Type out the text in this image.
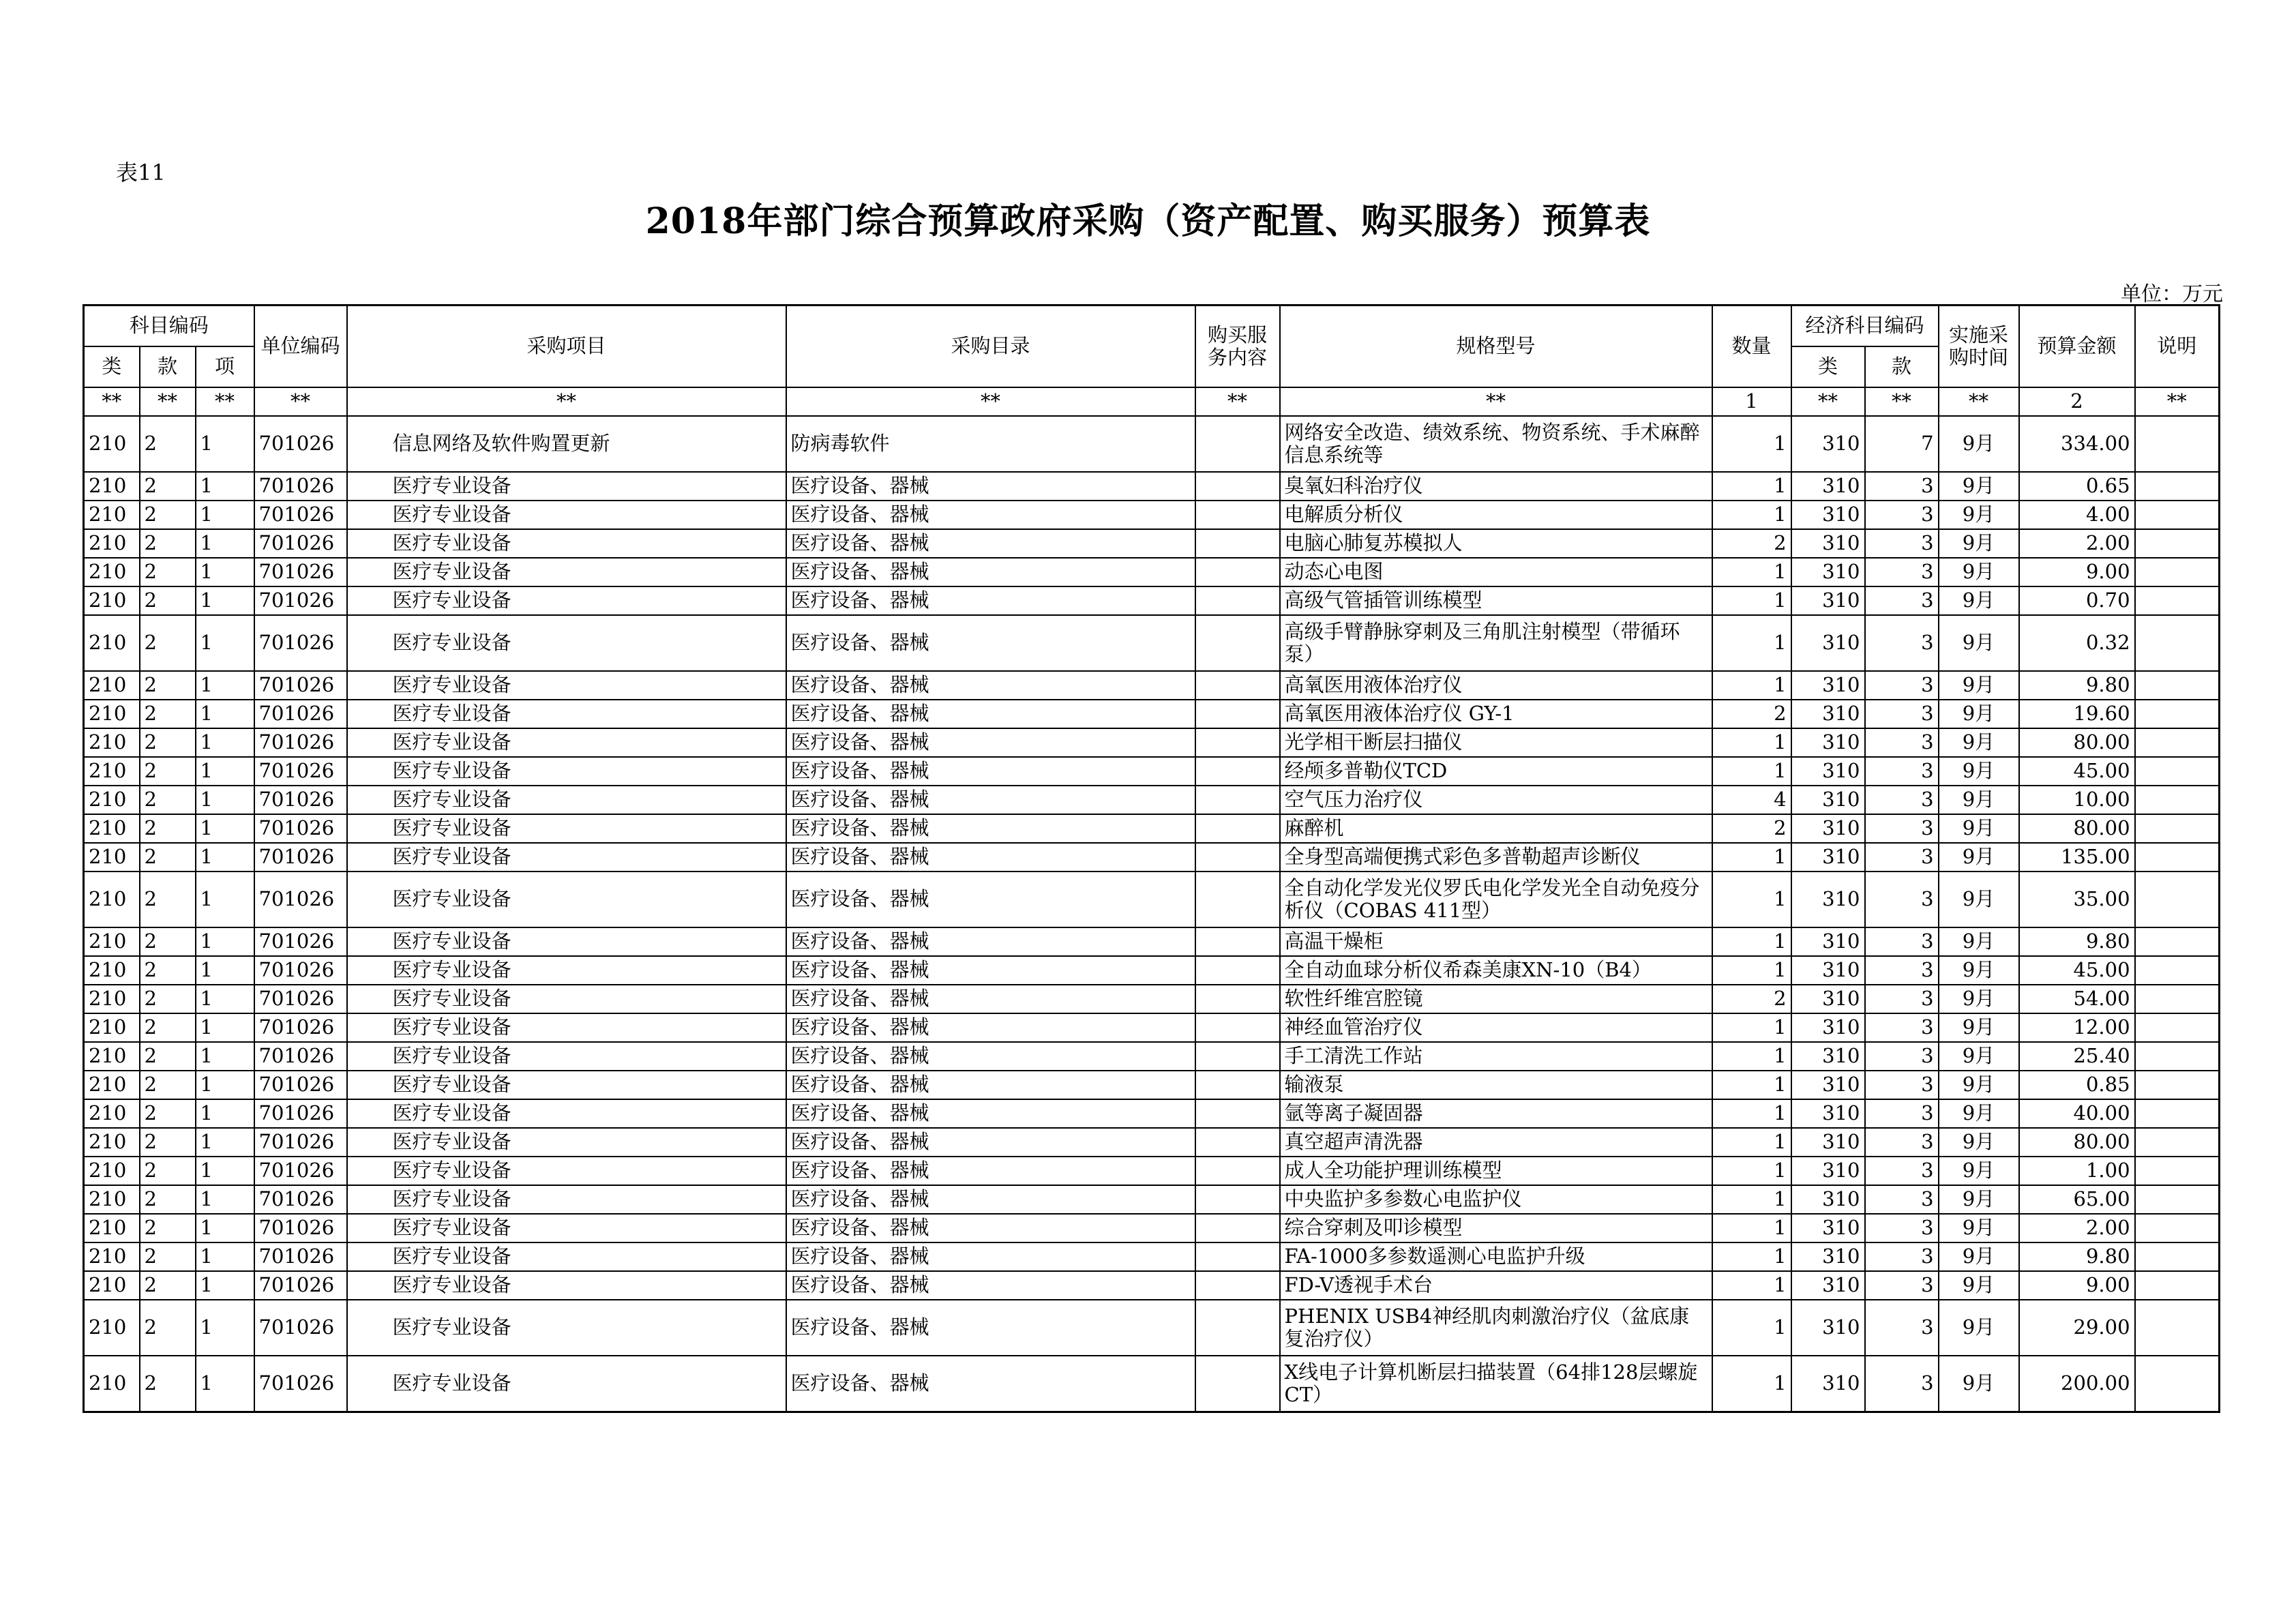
表11
2018年部门综合预算政府采购（资产配置、购买服务）预算表
单位：万元
科目编码			单位编码	采购项目	采购目录	购买服务内容	规格型号	数量	经济科目编码		实施采购时间	预算金额	说明
类	款	项							类	款			
**	**	**	**	**	**	**	**	1	**	**	**	2	**
210	2	1	701026	信息网络及软件购置更新	防病毒软件		网络安全改造、绩效系统、物资系统、手术麻醉信息系统等	1	310	7	9月	334.00	
210	2	1	701026	医疗专业设备	医疗设备、器械		臭氧妇科治疗仪	1	310	3	9月	0.65	
210	2	1	701026	医疗专业设备	医疗设备、器械		电解质分析仪	1	310	3	9月	4.00	
210	2	1	701026	医疗专业设备	医疗设备、器械		电脑心肺复苏模拟人	2	310	3	9月	2.00	
210	2	1	701026	医疗专业设备	医疗设备、器械		动态心电图	1	310	3	9月	9.00	
210	2	1	701026	医疗专业设备	医疗设备、器械		高级气管插管训练模型	1	310	3	9月	0.70	
210	2	1	701026	医疗专业设备	医疗设备、器械		高级手臂静脉穿刺及三角肌注射模型（带循环泵）	1	310	3	9月	0.32	
210	2	1	701026	医疗专业设备	医疗设备、器械		高氧医用液体治疗仪	1	310	3	9月	9.80	
210	2	1	701026	医疗专业设备	医疗设备、器械		高氧医用液体治疗仪 GY-1	2	310	3	9月	19.60	
210	2	1	701026	医疗专业设备	医疗设备、器械		光学相干断层扫描仪	1	310	3	9月	80.00	
210	2	1	701026	医疗专业设备	医疗设备、器械		经颅多普勒仪TCD	1	310	3	9月	45.00	
210	2	1	701026	医疗专业设备	医疗设备、器械		空气压力治疗仪	4	310	3	9月	10.00	
210	2	1	701026	医疗专业设备	医疗设备、器械		麻醉机	2	310	3	9月	80.00	
210	2	1	701026	医疗专业设备	医疗设备、器械		全身型高端便携式彩色多普勒超声诊断仪	1	310	3	9月	135.00	
210	2	1	701026	医疗专业设备	医疗设备、器械		全自动化学发光仪罗氏电化学发光全自动免疫分析仪（COBAS 411型）	1	310	3	9月	35.00	
210	2	1	701026	医疗专业设备	医疗设备、器械		高温干燥柜	1	310	3	9月	9.80	
210	2	1	701026	医疗专业设备	医疗设备、器械		全自动血球分析仪希森美康XN-10（B4）	1	310	3	9月	45.00	
210	2	1	701026	医疗专业设备	医疗设备、器械		软性纤维宫腔镜	2	310	3	9月	54.00	
210	2	1	701026	医疗专业设备	医疗设备、器械		神经血管治疗仪	1	310	3	9月	12.00	
210	2	1	701026	医疗专业设备	医疗设备、器械		手工清洗工作站	1	310	3	9月	25.40	
210	2	1	701026	医疗专业设备	医疗设备、器械		输液泵	1	310	3	9月	0.85	
210	2	1	701026	医疗专业设备	医疗设备、器械		氩等离子凝固器	1	310	3	9月	40.00	
210	2	1	701026	医疗专业设备	医疗设备、器械		真空超声清洗器	1	310	3	9月	80.00	
210	2	1	701026	医疗专业设备	医疗设备、器械		成人全功能护理训练模型	1	310	3	9月	1.00	
210	2	1	701026	医疗专业设备	医疗设备、器械		中央监护多参数心电监护仪	1	310	3	9月	65.00	
210	2	1	701026	医疗专业设备	医疗设备、器械		综合穿刺及叩诊模型	1	310	3	9月	2.00	
210	2	1	701026	医疗专业设备	医疗设备、器械		FA-1000多参数遥测心电监护升级	1	310	3	9月	9.80	
210	2	1	701026	医疗专业设备	医疗设备、器械		FD-V透视手术台	1	310	3	9月	9.00	
210	2	1	701026	医疗专业设备	医疗设备、器械		PHENIX USB4神经肌肉刺激治疗仪（盆底康复治疗仪）	1	310	3	9月	29.00	
210	2	1	701026	医疗专业设备	医疗设备、器械		X线电子计算机断层扫描装置（64排128层螺旋CT）	1	310	3	9月	200.00	
